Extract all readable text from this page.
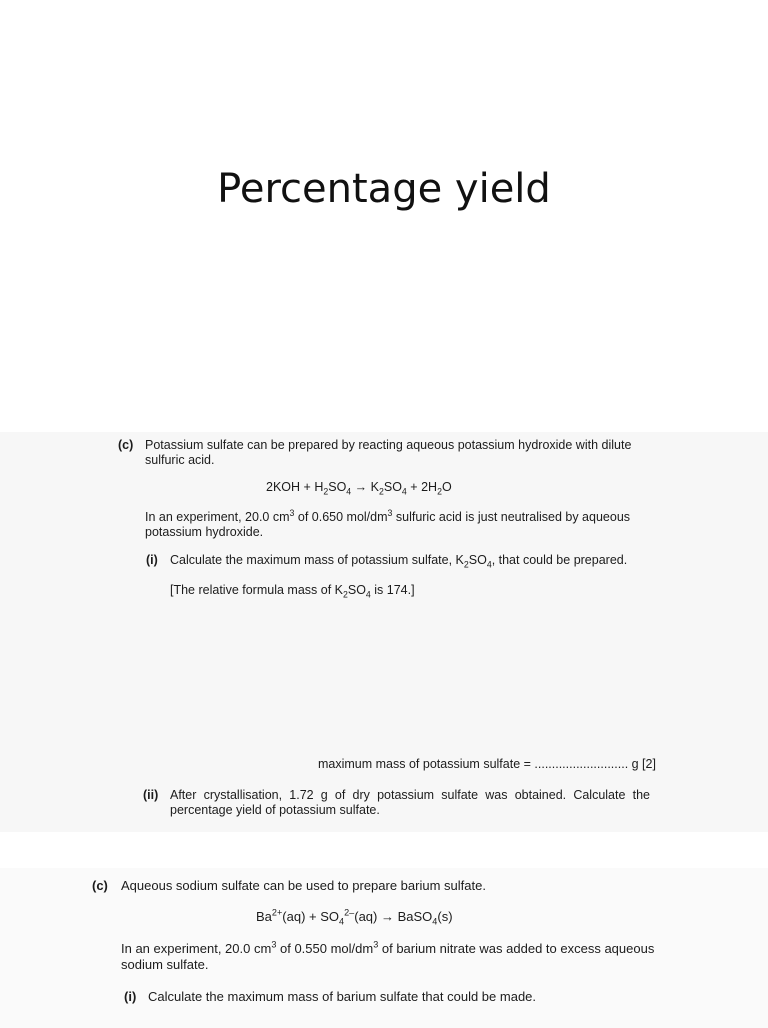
Percentage yield
(c) Potassium sulfate can be prepared by reacting aqueous potassium hydroxide with dilute sulfuric acid.
$2KOH + H_2SO_4 \to K_2SO_4 + 2H_2O$
In an experiment, 20.0 $cm^3$ of 0.650 mol/$dm^3$ sulfuric acid is just neutralised by aqueous potassium hydroxide.
(i) Calculate the maximum mass of potassium sulfate, $K_2SO_4$, that could be prepared.
[The relative formula mass of $K_2SO_4$ is 174.]
maximum mass of potassium sulfate = ........................... g [2]
(ii) After crystallisation, 1.72 g of dry potassium sulfate was obtained. Calculate the percentage yield of potassium sulfate.
(c) Aqueous sodium sulfate can be used to prepare barium sulfate.
$Ba^{2+}(aq) + SO_4^{2-}(aq)$ → BaSO$_4$(s)
In an experiment, 20.0 $cm^3$ of 0.550 mol/$dm^3$ of barium nitrate was added to excess aqueous sodium sulfate.
(i) Calculate the maximum mass of barium sulfate that could be made.
